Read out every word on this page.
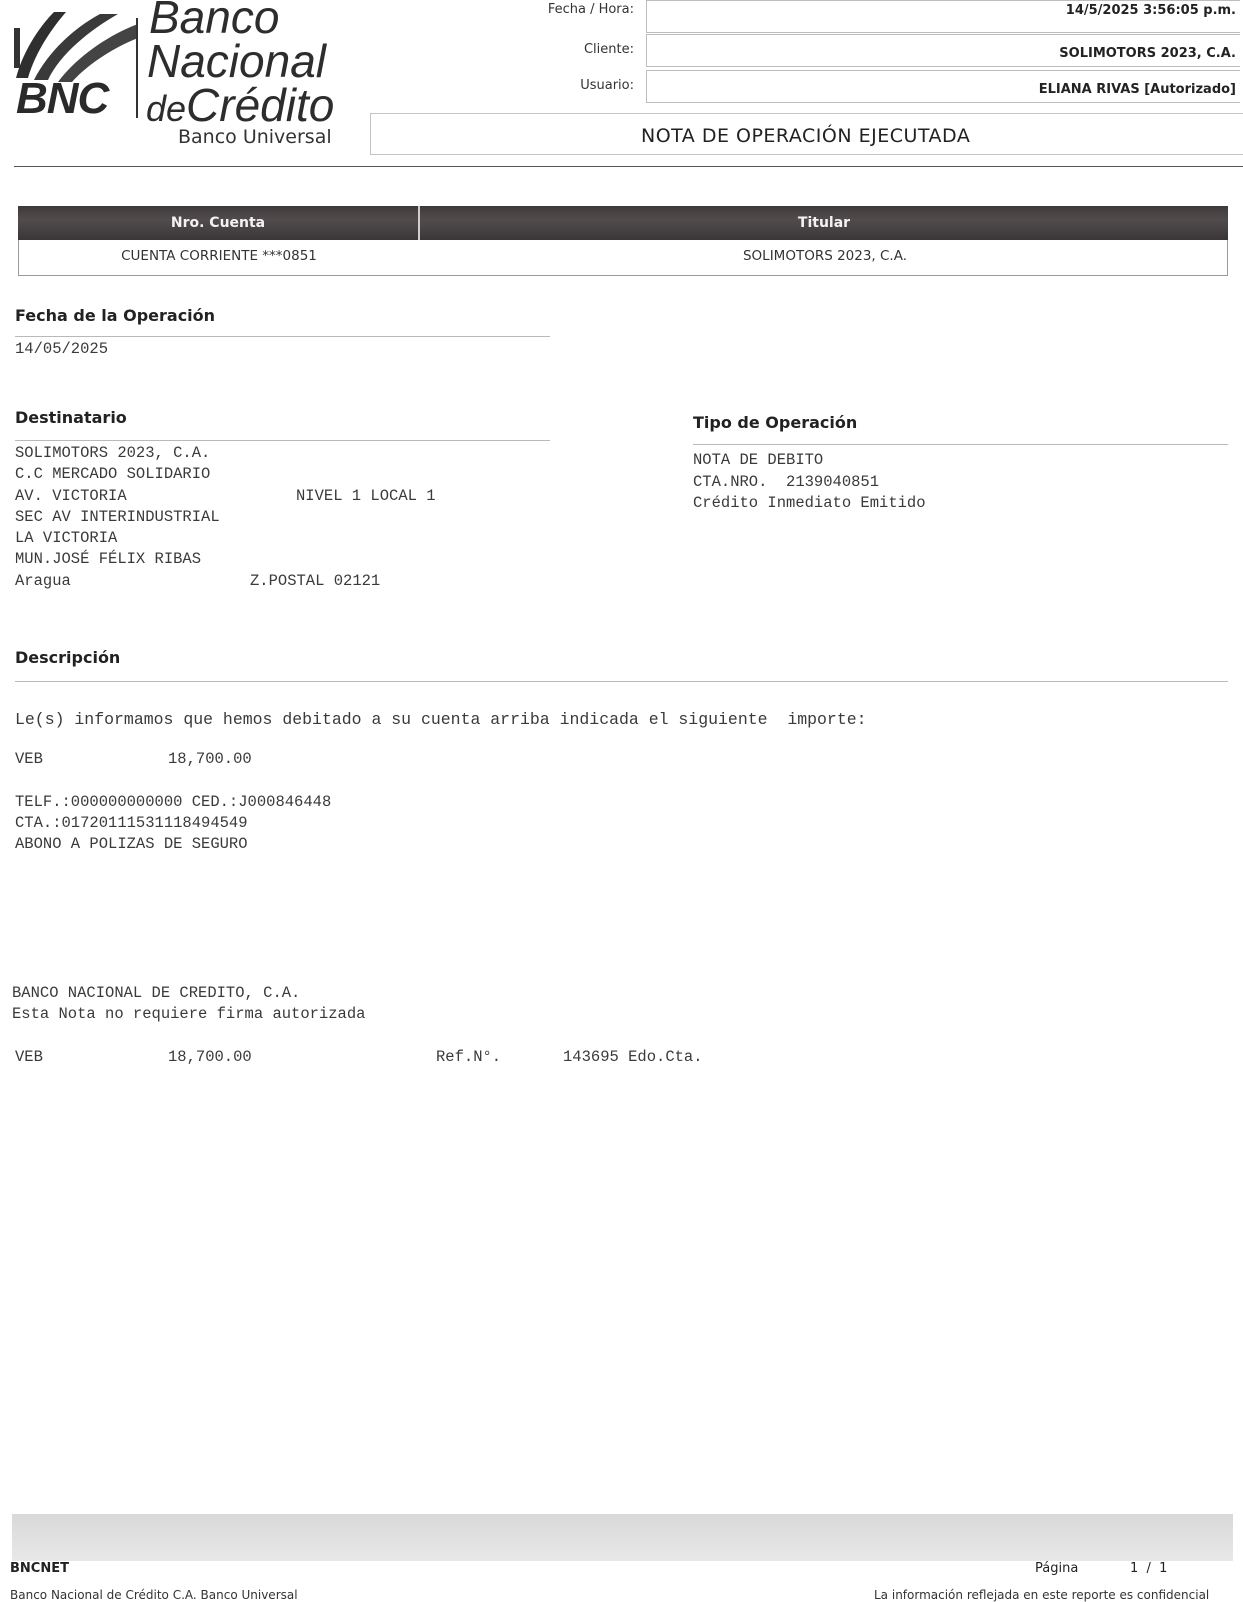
BNC
Banco
Nacional
deCrédito
Banco Universal
Fecha / Hora:	14/5/2025 3:56:05 p.m.
Cliente:	SOLIMOTORS 2023, C.A.
Usuario:	ELIANA RIVAS [Autorizado]
NOTA DE OPERACIÓN EJECUTADA
Nro. Cuenta	Titular
CUENTA CORRIENTE ***0851	SOLIMOTORS 2023, C.A.
Fecha de la Operación
14/05/2025
Destinatario
SOLIMOTORS 2023, C.A.
C.C MERCADO SOLIDARIO
AV. VICTORIA
SEC AV INTERINDUSTRIAL
LA VICTORIA
MUN.JOSÉ FÉLIX RIBAS
Aragua
NIVEL 1 LOCAL 1
Z.POSTAL 02121
Tipo de Operación
NOTA DE DEBITO
CTA.NRO.  2139040851
Crédito Inmediato Emitido
Descripción
Le(s) informamos que hemos debitado a su cuenta arriba indicada el siguiente  importe:
VEB	18,700.00
TELF.:000000000000 CED.:J000846448
CTA.:01720111531118494549
ABONO A POLIZAS DE SEGURO
BANCO NACIONAL DE CREDITO, C.A.
Esta Nota no requiere firma autorizada
VEB	18,700.00	Ref.N°.	143695 Edo.Cta.
BNCNET	Página	1  /  1
Banco Nacional de Crédito C.A. Banco Universal	La información reflejada en este reporte es confidencial
